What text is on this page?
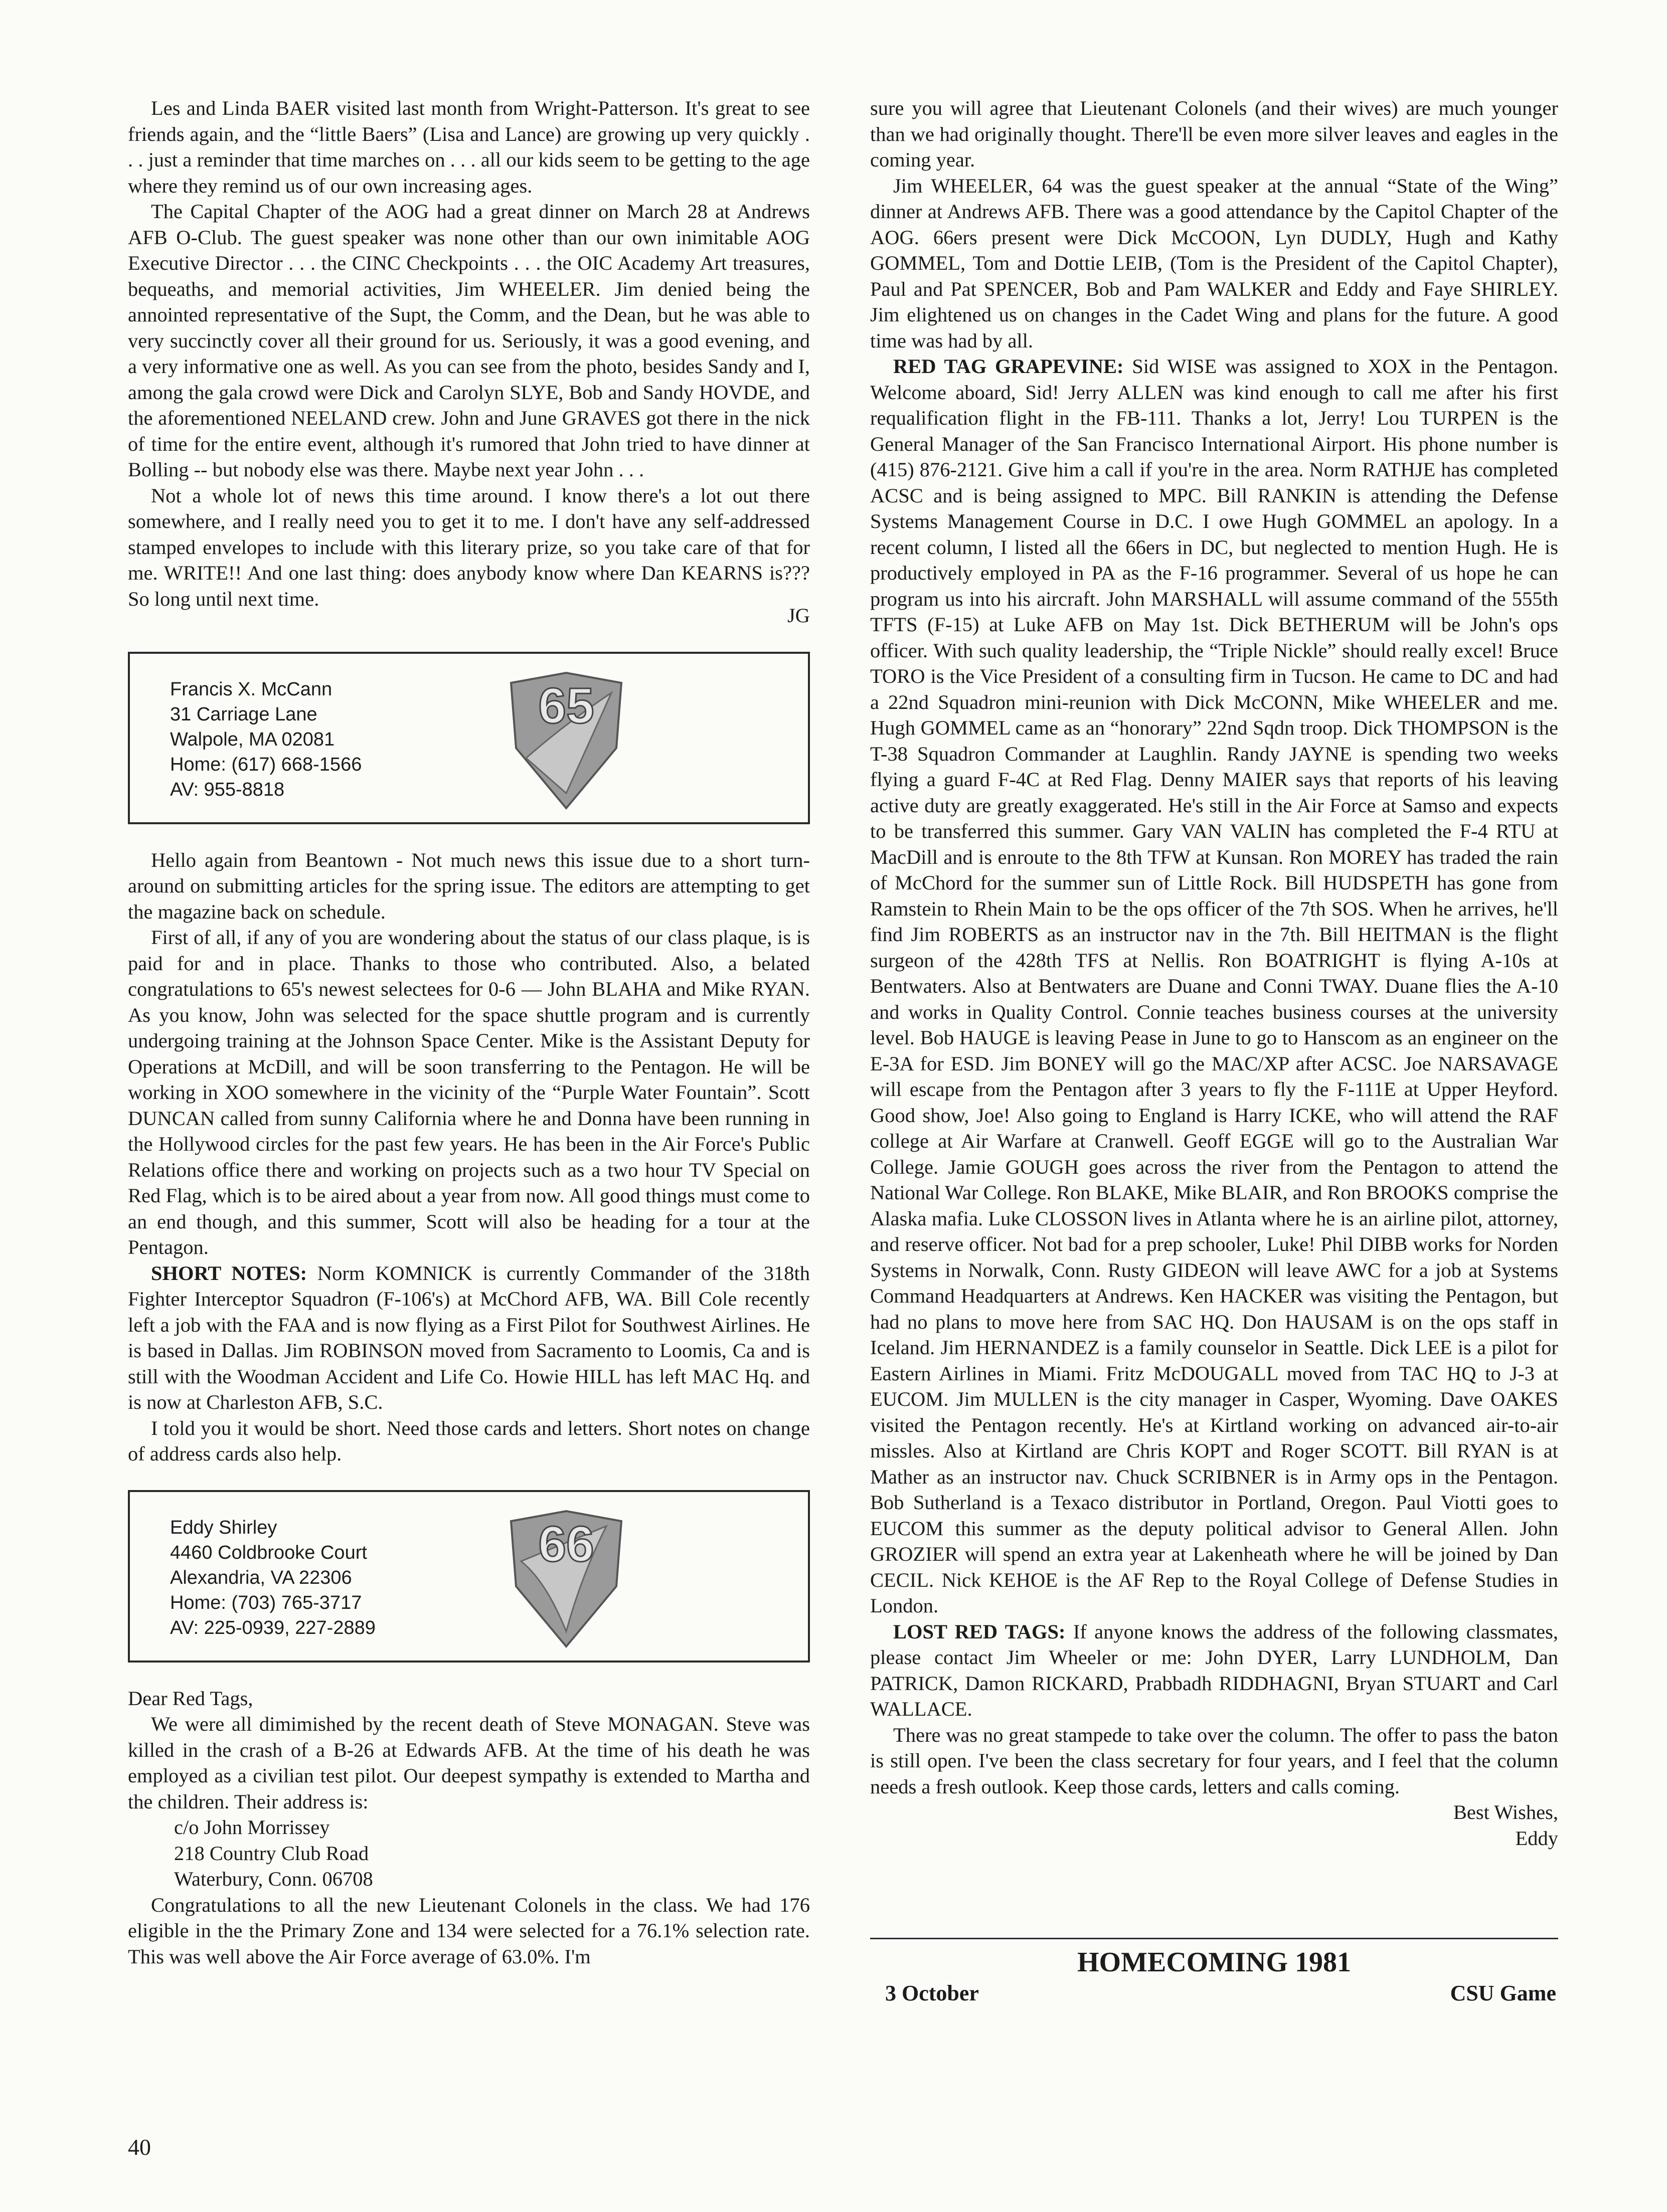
Les and Linda BAER visited last month from Wright-Patterson. It's great to see friends again, and the “little Baers” (Lisa and Lance) are growing up very quickly . . . just a reminder that time marches on . . . all our kids seem to be getting to the age where they remind us of our own increasing ages.

The Capital Chapter of the AOG had a great dinner on March 28 at Andrews AFB O-Club. The guest speaker was none other than our own inimitable AOG Executive Director . . . the CINC Checkpoints . . . the OIC Academy Art treasures, bequeaths, and memorial activities, Jim WHEELER. Jim denied being the annointed representative of the Supt, the Comm, and the Dean, but he was able to very succinctly cover all their ground for us. Seriously, it was a good evening, and a very informative one as well. As you can see from the photo, besides Sandy and I, among the gala crowd were Dick and Carolyn SLYE, Bob and Sandy HOVDE, and the aforementioned NEELAND crew. John and June GRAVES got there in the nick of time for the entire event, although it's rumored that John tried to have dinner at Bolling -- but nobody else was there. Maybe next year John . . .

Not a whole lot of news this time around. I know there's a lot out there somewhere, and I really need you to get it to me. I don't have any self-addressed stamped envelopes to include with this literary prize, so you take care of that for me. WRITE!! And one last thing: does anybody know where Dan KEARNS is??? So long until next time.

JG
Francis X. McCann
31 Carriage Lane
Walpole, MA 02081
Home: (617) 668-1566
AV: 955-8818
65

Hello again from Beantown - Not much news this issue due to a short turn-around on submitting articles for the spring issue. The editors are attempting to get the magazine back on schedule.

First of all, if any of you are wondering about the status of our class plaque, is is paid for and in place. Thanks to those who contributed. Also, a belated congratulations to 65's newest selectees for 0-6 — John BLAHA and Mike RYAN. As you know, John was selected for the space shuttle program and is currently undergoing training at the Johnson Space Center. Mike is the Assistant Deputy for Operations at McDill, and will be soon transferring to the Pentagon. He will be working in XOO somewhere in the vicinity of the “Purple Water Fountain”. Scott DUNCAN called from sunny California where he and Donna have been running in the Hollywood circles for the past few years. He has been in the Air Force's Public Relations office there and working on projects such as a two hour TV Special on Red Flag, which is to be aired about a year from now. All good things must come to an end though, and this summer, Scott will also be heading for a tour at the Pentagon.

SHORT NOTES: Norm KOMNICK is currently Commander of the 318th Fighter Interceptor Squadron (F-106's) at McChord AFB, WA. Bill Cole recently left a job with the FAA and is now flying as a First Pilot for Southwest Airlines. He is based in Dallas. Jim ROBINSON moved from Sacramento to Loomis, Ca and is still with the Woodman Accident and Life Co. Howie HILL has left MAC Hq. and is now at Charleston AFB, S.C.

I told you it would be short. Need those cards and letters. Short notes on change of address cards also help.

Eddy Shirley
4460 Coldbrooke Court
Alexandria, VA 22306
Home: (703) 765-3717
AV: 225-0939, 227-2889
66

Dear Red Tags,

We were all dimimished by the recent death of Steve MONAGAN. Steve was killed in the crash of a B-26 at Edwards AFB. At the time of his death he was employed as a civilian test pilot. Our deepest sympathy is extended to Martha and the children. Their address is:

c/o John Morrissey
218 Country Club Road
Waterbury, Conn. 06708

Congratulations to all the new Lieutenant Colonels in the class. We had 176 eligible in the the Primary Zone and 134 were selected for a 76.1% selection rate. This was well above the Air Force average of 63.0%. I'm

sure you will agree that Lieutenant Colonels (and their wives) are much younger than we had originally thought. There'll be even more silver leaves and eagles in the coming year.

Jim WHEELER, 64 was the guest speaker at the annual “State of the Wing” dinner at Andrews AFB. There was a good attendance by the Capitol Chapter of the AOG. 66ers present were Dick McCOON, Lyn DUDLY, Hugh and Kathy GOMMEL, Tom and Dottie LEIB, (Tom is the President of the Capitol Chapter), Paul and Pat SPENCER, Bob and Pam WALKER and Eddy and Faye SHIRLEY. Jim elightened us on changes in the Cadet Wing and plans for the future. A good time was had by all.

RED TAG GRAPEVINE: Sid WISE was assigned to XOX in the Pentagon. Welcome aboard, Sid! Jerry ALLEN was kind enough to call me after his first requalification flight in the FB-111. Thanks a lot, Jerry! Lou TURPEN is the General Manager of the San Francisco International Airport. His phone number is (415) 876-2121. Give him a call if you're in the area. Norm RATHJE has completed ACSC and is being assigned to MPC. Bill RANKIN is attending the Defense Systems Management Course in D.C. I owe Hugh GOMMEL an apology. In a recent column, I listed all the 66ers in DC, but neglected to mention Hugh. He is productively employed in PA as the F-16 programmer. Several of us hope he can program us into his aircraft. John MARSHALL will assume command of the 555th TFTS (F-15) at Luke AFB on May 1st. Dick BETHERUM will be John's ops officer. With such quality leadership, the “Triple Nickle” should really excel! Bruce TORO is the Vice President of a consulting firm in Tucson. He came to DC and had a 22nd Squadron mini-reunion with Dick McCONN, Mike WHEELER and me. Hugh GOMMEL came as an “honorary” 22nd Sqdn troop. Dick THOMPSON is the T-38 Squadron Commander at Laughlin. Randy JAYNE is spending two weeks flying a guard F-4C at Red Flag. Denny MAIER says that reports of his leaving active duty are greatly exaggerated. He's still in the Air Force at Samso and expects to be transferred this summer. Gary VAN VALIN has completed the F-4 RTU at MacDill and is enroute to the 8th TFW at Kunsan. Ron MOREY has traded the rain of McChord for the summer sun of Little Rock. Bill HUDSPETH has gone from Ramstein to Rhein Main to be the ops officer of the 7th SOS. When he arrives, he'll find Jim ROBERTS as an instructor nav in the 7th. Bill HEITMAN is the flight surgeon of the 428th TFS at Nellis. Ron BOATRIGHT is flying A-10s at Bentwaters. Also at Bentwaters are Duane and Conni TWAY. Duane flies the A-10 and works in Quality Control. Connie teaches business courses at the university level. Bob HAUGE is leaving Pease in June to go to Hanscom as an engineer on the E-3A for ESD. Jim BONEY will go the MAC/XP after ACSC. Joe NARSAVAGE will escape from the Pentagon after 3 years to fly the F-111E at Upper Heyford. Good show, Joe! Also going to England is Harry ICKE, who will attend the RAF college at Air Warfare at Cranwell. Geoff EGGE will go to the Australian War College. Jamie GOUGH goes across the river from the Pentagon to attend the National War College. Ron BLAKE, Mike BLAIR, and Ron BROOKS comprise the Alaska mafia. Luke CLOSSON lives in Atlanta where he is an airline pilot, attorney, and reserve officer. Not bad for a prep schooler, Luke! Phil DIBB works for Norden Systems in Norwalk, Conn. Rusty GIDEON will leave AWC for a job at Systems Command Headquarters at Andrews. Ken HACKER was visiting the Pentagon, but had no plans to move here from SAC HQ. Don HAUSAM is on the ops staff in Iceland. Jim HERNANDEZ is a family counselor in Seattle. Dick LEE is a pilot for Eastern Airlines in Miami. Fritz McDOUGALL moved from TAC HQ to J-3 at EUCOM. Jim MULLEN is the city manager in Casper, Wyoming. Dave OAKES visited the Pentagon recently. He's at Kirtland working on advanced air-to-air missles. Also at Kirtland are Chris KOPT and Roger SCOTT. Bill RYAN is at Mather as an instructor nav. Chuck SCRIBNER is in Army ops in the Pentagon. Bob Sutherland is a Texaco distributor in Portland, Oregon. Paul Viotti goes to EUCOM this summer as the deputy political advisor to General Allen. John GROZIER will spend an extra year at Lakenheath where he will be joined by Dan CECIL. Nick KEHOE is the AF Rep to the Royal College of Defense Studies in London.

LOST RED TAGS: If anyone knows the address of the following classmates, please contact Jim Wheeler or me: John DYER, Larry LUNDHOLM, Dan PATRICK, Damon RICKARD, Prabbadh RIDDHAGNI, Bryan STUART and Carl WALLACE.

There was no great stampede to take over the column. The offer to pass the baton is still open. I've been the class secretary for four years, and I feel that the column needs a fresh outlook. Keep those cards, letters and calls coming.

Best Wishes,

Eddy

HOMECOMING 1981
3 October	CSU Game
40
